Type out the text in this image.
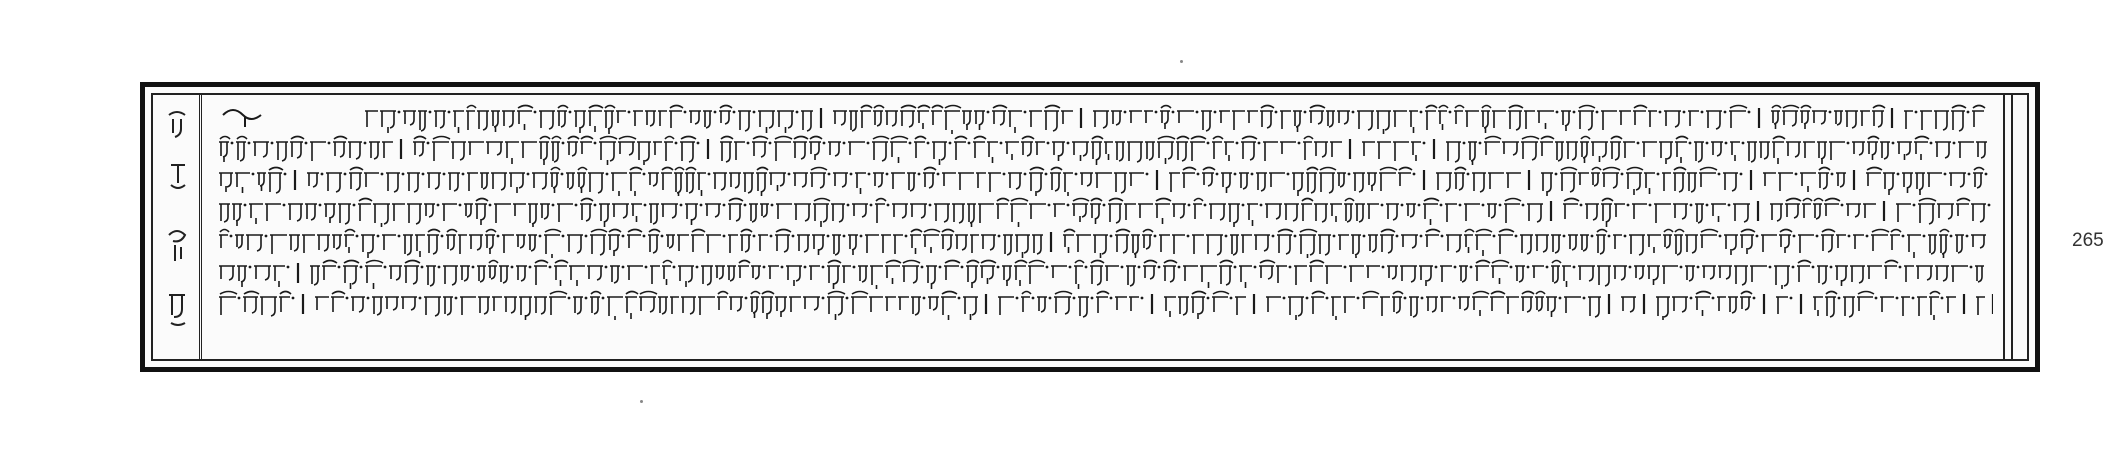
265
